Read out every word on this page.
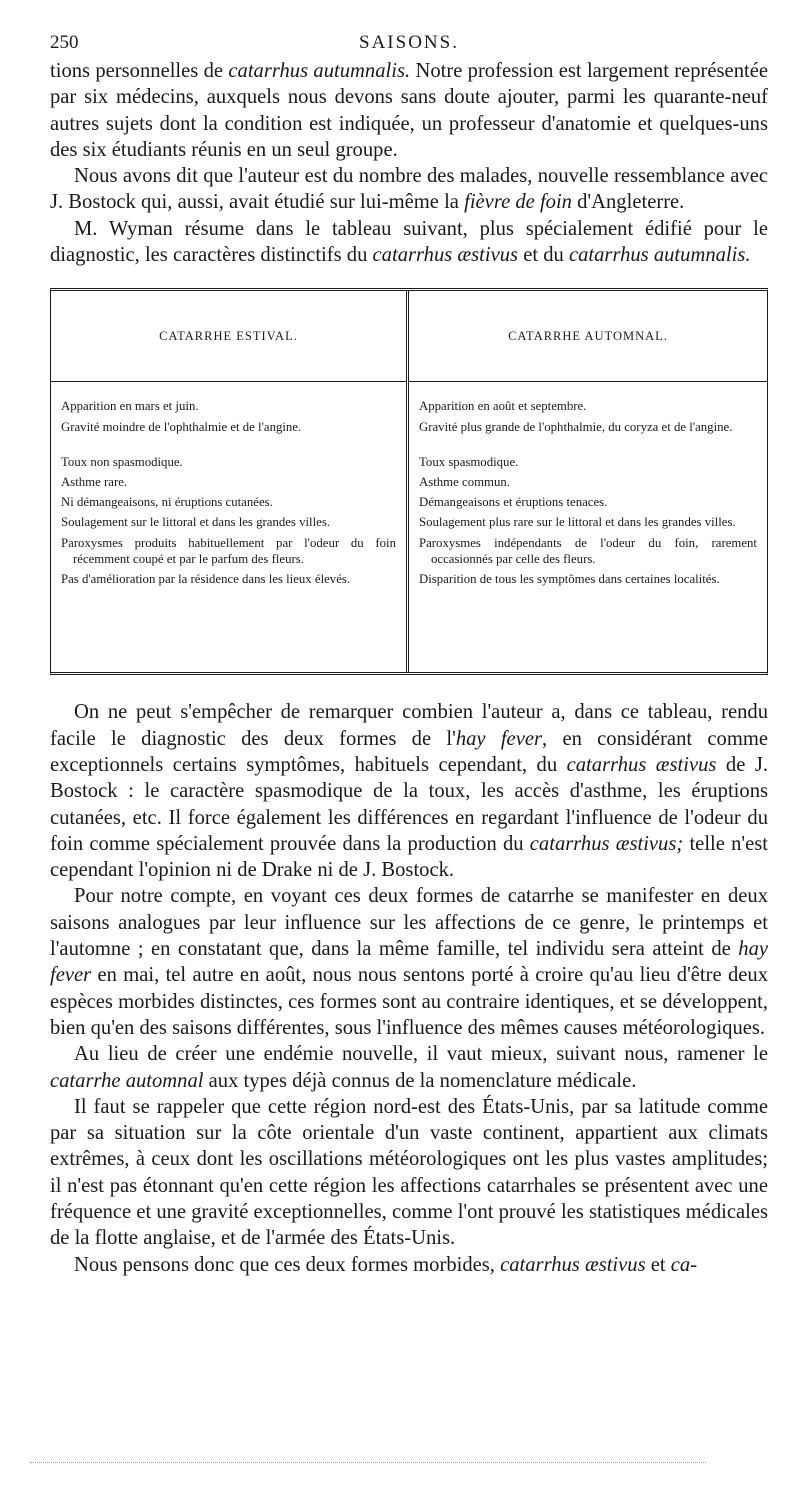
250	SAISONS.

tions personnelles de catarrhus autumnalis. Notre profession est largement représentée par six médecins, auxquels nous devons sans doute ajouter, parmi les quarante-neuf autres sujets dont la condition est indiquée, un professeur d'anatomie et quelques-uns des six étudiants réunis en un seul groupe.

Nous avons dit que l'auteur est du nombre des malades, nouvelle ressemblance avec J. Bostock qui, aussi, avait étudié sur lui-même la fièvre de foin d'Angleterre.

M. Wyman résume dans le tableau suivant, plus spécialement édifié pour le diagnostic, les caractères distinctifs du catarrhus æstivus et du catarrhus autumnalis.

CATARRHE ESTIVAL.
Apparition en mars et juin.
Gravité moindre de l'ophthalmie et de l'angine.
Toux non spasmodique.
Asthme rare.
Ni démangeaisons, ni éruptions cutanées.
Soulagement sur le littoral et dans les grandes villes.
Paroxysmes produits habituellement par l'odeur du foin récemment coupé et par le parfum des fleurs.
Pas d'amélioration par la résidence dans les lieux élevés.
CATARRHE AUTOMNAL.
Apparition en août et septembre.
Gravité plus grande de l'ophthalmie, du coryza et de l'angine.
Toux spasmodique.
Asthme commun.
Démangeaisons et éruptions tenaces.
Soulagement plus rare sur le littoral et dans les grandes villes.
Paroxysmes indépendants de l'odeur du foin, rarement occasionnés par celle des fleurs.
Disparition de tous les symptômes dans certaines localités.

On ne peut s'empêcher de remarquer combien l'auteur a, dans ce tableau, rendu facile le diagnostic des deux formes de l'hay fever, en considérant comme exceptionnels certains symptômes, habituels cependant, du catarrhus æstivus de J. Bostock : le caractère spasmodique de la toux, les accès d'asthme, les éruptions cutanées, etc. Il force également les différences en regardant l'influence de l'odeur du foin comme spécialement prouvée dans la production du catarrhus æstivus; telle n'est cependant l'opinion ni de Drake ni de J. Bostock.

Pour notre compte, en voyant ces deux formes de catarrhe se manifester en deux saisons analogues par leur influence sur les affections de ce genre, le printemps et l'automne ; en constatant que, dans la même famille, tel individu sera atteint de hay fever en mai, tel autre en août, nous nous sentons porté à croire qu'au lieu d'être deux espèces morbides distinctes, ces formes sont au contraire identiques, et se développent, bien qu'en des saisons différentes, sous l'influence des mêmes causes météorologiques.

Au lieu de créer une endémie nouvelle, il vaut mieux, suivant nous, ramener le catarrhe automnal aux types déjà connus de la nomenclature médicale.

Il faut se rappeler que cette région nord-est des États-Unis, par sa latitude comme par sa situation sur la côte orientale d'un vaste continent, appartient aux climats extrêmes, à ceux dont les oscillations météorologiques ont les plus vastes amplitudes; il n'est pas étonnant qu'en cette région les affections catarrhales se présentent avec une fréquence et une gravité exceptionnelles, comme l'ont prouvé les statistiques médicales de la flotte anglaise, et de l'armée des États-Unis.

Nous pensons donc que ces deux formes morbides, catarrhus æstivus et ca-
